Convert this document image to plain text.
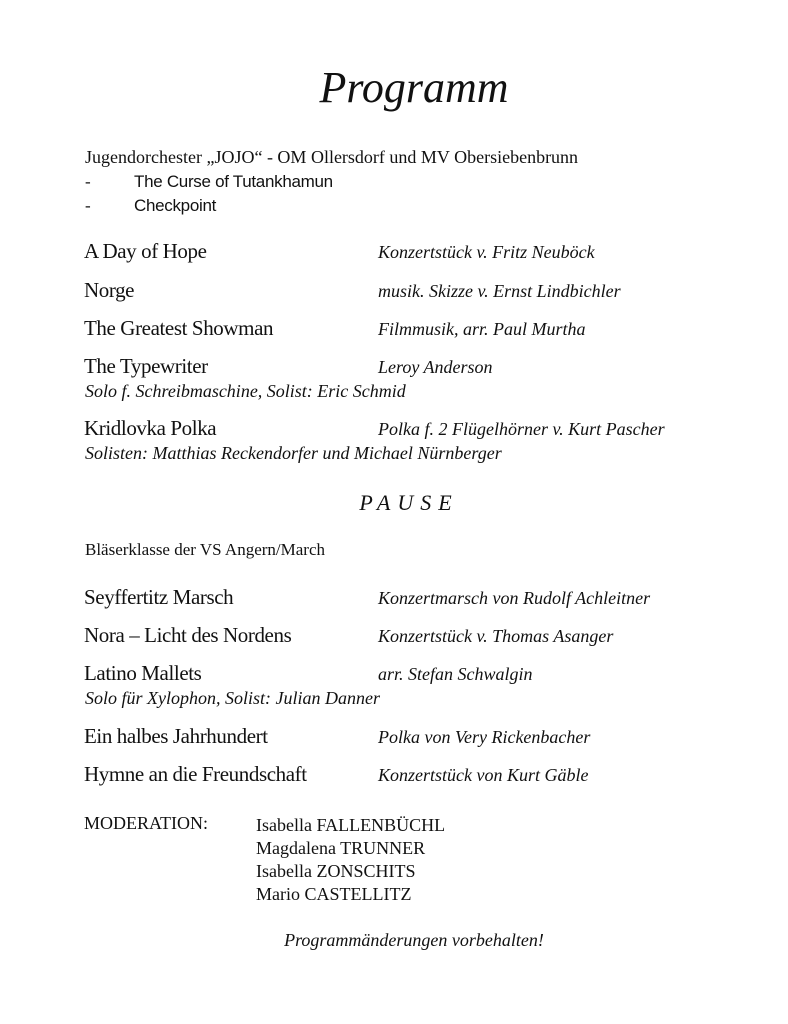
Programm
Jugendorchester „JOJO“ - OM Ollersdorf und MV Obersiebenbrunn
-	The Curse of Tutankhamun
-	Checkpoint
A Day of Hope	Konzertstück v. Fritz Neuböck
Norge	musik. Skizze v. Ernst Lindbichler
The Greatest Showman	Filmmusik, arr. Paul Murtha
The Typewriter	Leroy Anderson
Solo f. Schreibmaschine, Solist: Eric Schmid
Kridlovka Polka	Polka f. 2 Flügelhörner v. Kurt Pascher
Solisten: Matthias Reckendorfer und Michael Nürnberger
PAUSE
Bläserklasse der VS Angern/March
Seyffertitz Marsch	Konzertmarsch von Rudolf Achleitner
Nora – Licht des Nordens	Konzertstück v. Thomas Asanger
Latino Mallets	arr. Stefan Schwalgin
Solo für Xylophon, Solist: Julian Danner
Ein halbes Jahrhundert	Polka von Very Rickenbacher
Hymne an die Freundschaft	Konzertstück von Kurt Gäble
MODERATION:	Isabella FALLENBÜCHL
Magdalena TRUNNER
Isabella ZONSCHITS
Mario CASTELLITZ
Programmänderungen vorbehalten!
